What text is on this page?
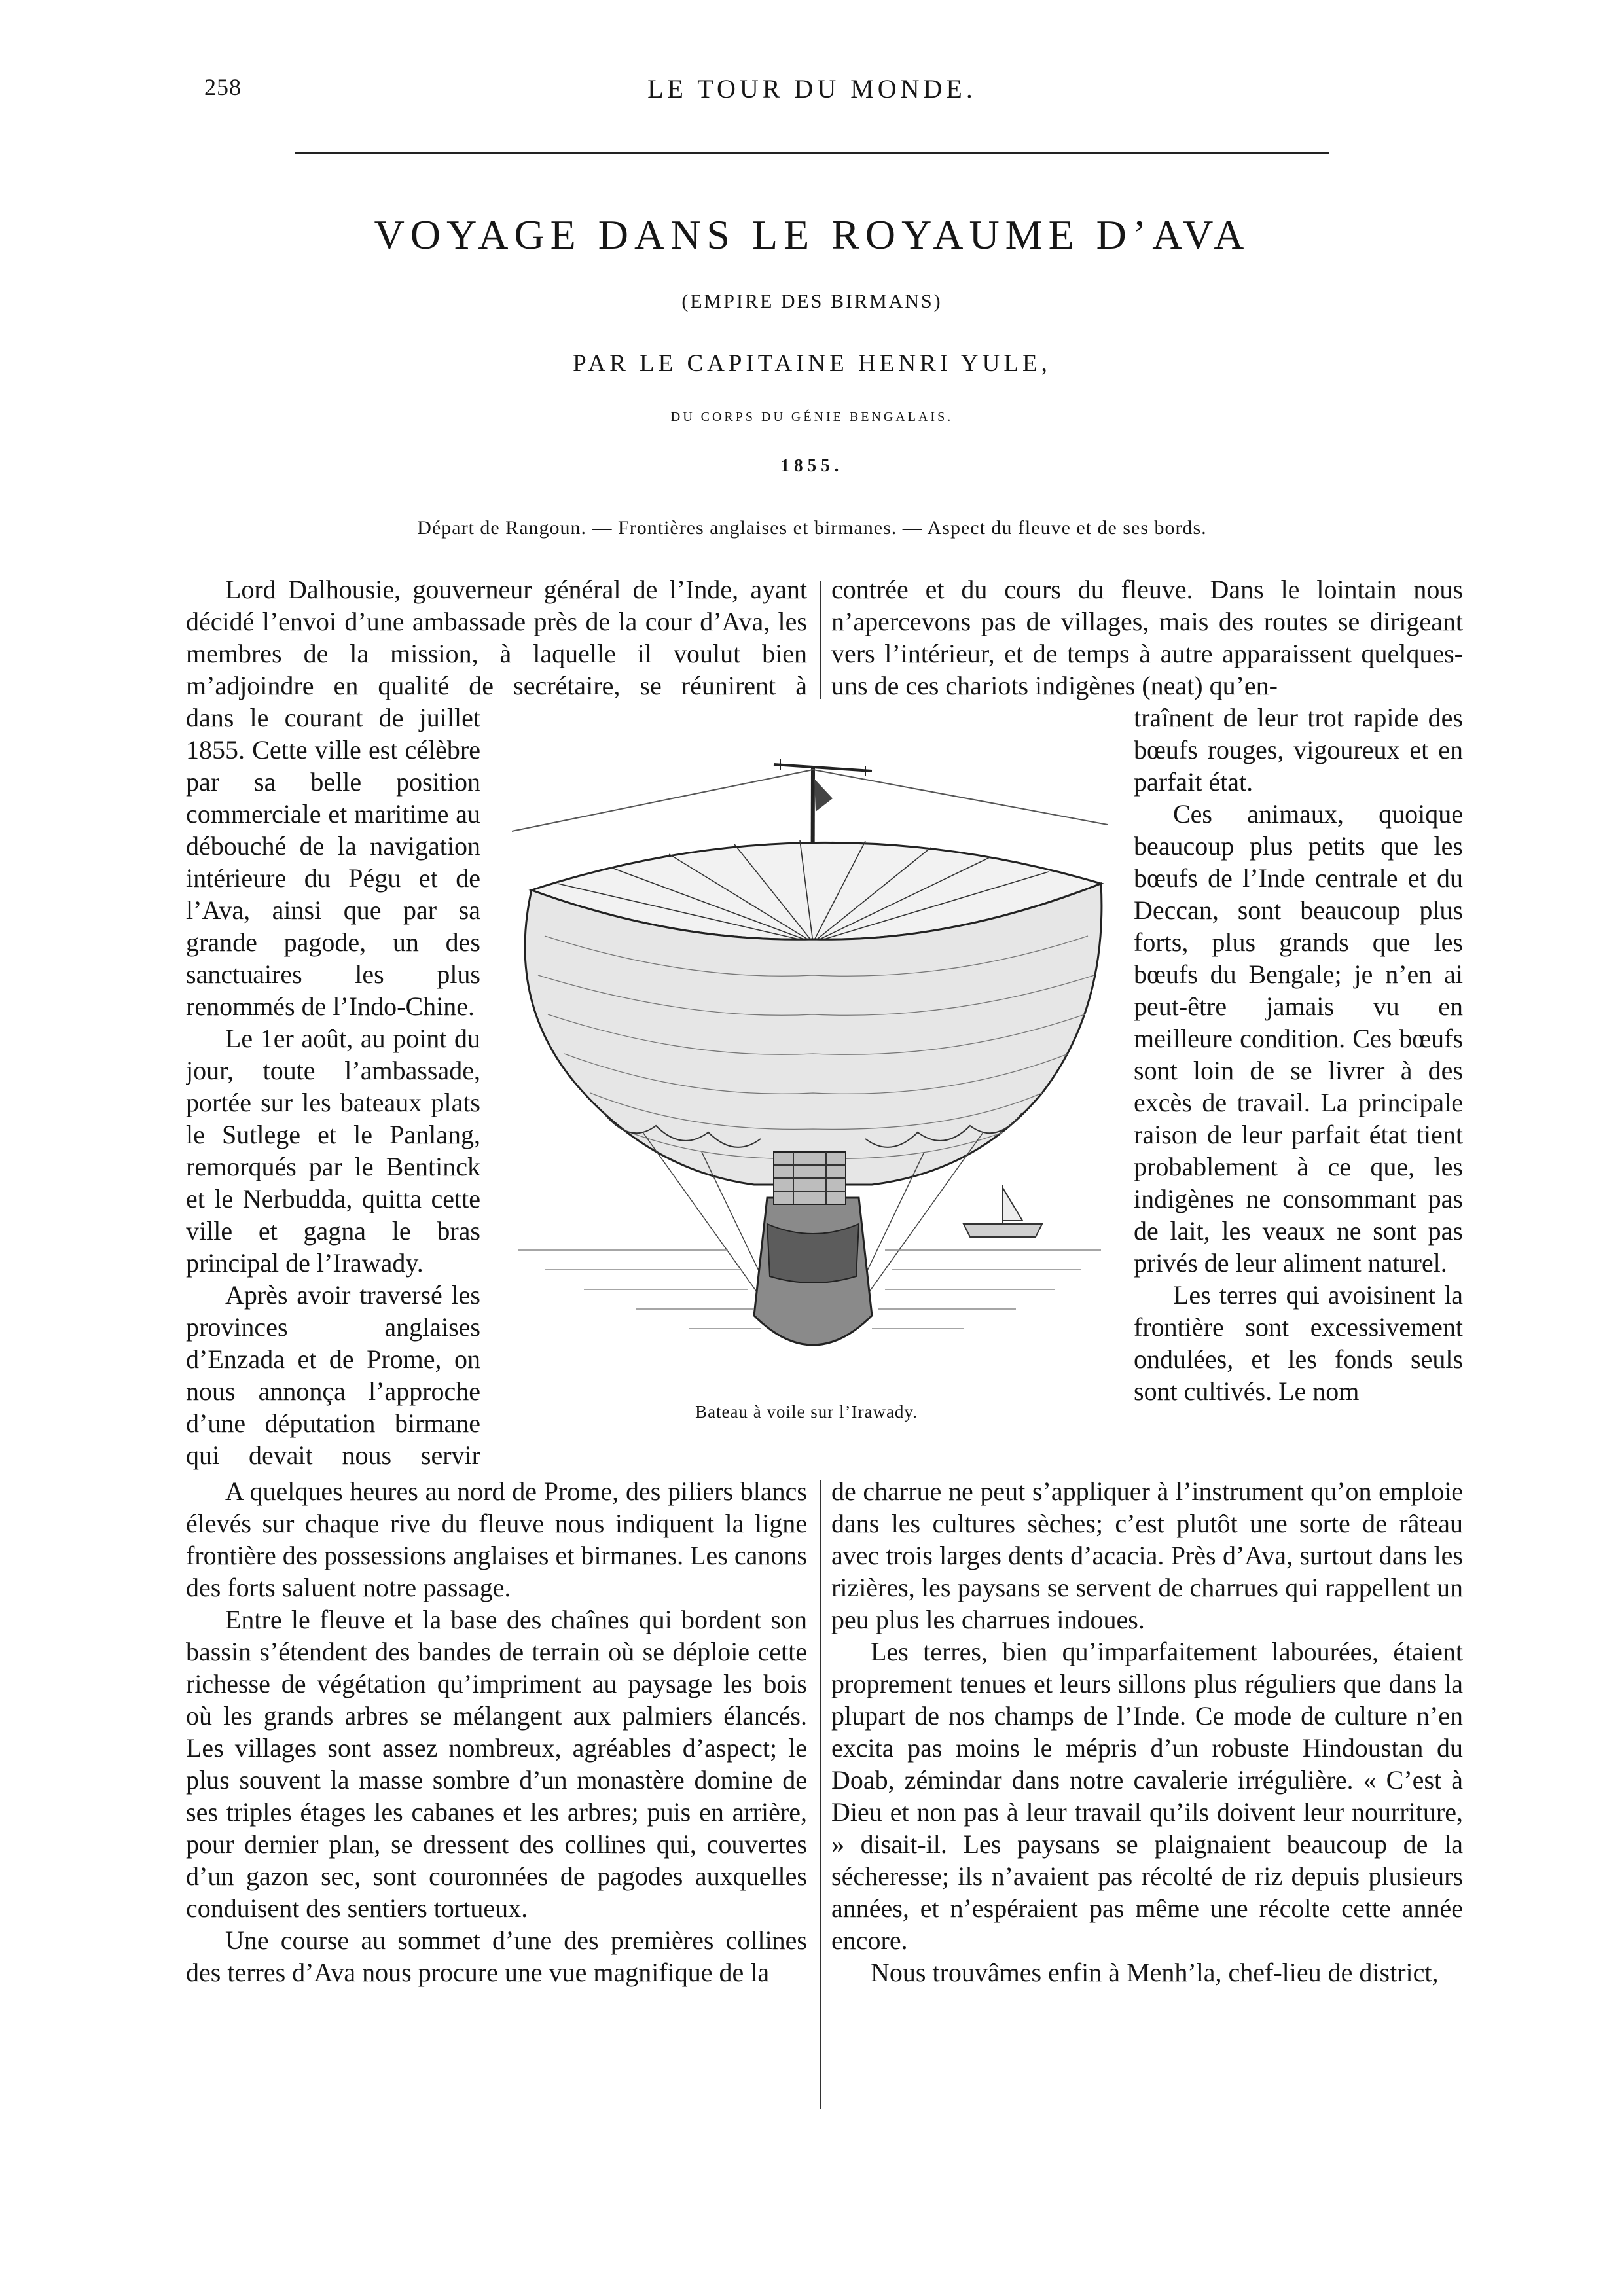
258	LE TOUR DU MONDE.
VOYAGE DANS LE ROYAUME D’AVA
(EMPIRE DES BIRMANS)
PAR LE CAPITAINE HENRI YULE,
DU CORPS DU GÉNIE BENGALAIS.
1855.
Départ de Rangoun. — Frontières anglaises et birmanes. — Aspect du fleuve et de ses bords.

Lord Dalhousie, gouverneur général de l’Inde, ayant décidé l’envoi d’une ambassade près de la cour d’Ava, les membres de la mission, à laquelle il voulut bien m’adjoindre en qualité de secrétaire, se réunirent à

dans le courant de juillet 1855. Cette ville est célèbre par sa belle position commerciale et maritime au débouché de la navigation intérieure du Pégu et de l’Ava, ainsi que par sa grande pagode, un des sanctuaires les plus renommés de l’Indo-Chine.

Le 1er août, au point du jour, toute l’ambassade, portée sur les bateaux plats le Sutlege et le Panlang, remorqués par le Bentinck et le Nerbudda, quitta cette ville et gagna le bras principal de l’Irawady.

Après avoir traversé les provinces anglaises d’Enzada et de Prome, on nous annonça l’approche d’une députation birmane qui devait nous servir

contrée et du cours du fleuve. Dans le lointain nous n’apercevons pas de villages, mais des routes se dirigeant vers l’intérieur, et de temps à autre apparaissent quelques-uns de ces chariots indigènes (neat) qu’en-

traînent de leur trot rapide des bœufs rouges, vigoureux et en parfait état.

Ces animaux, quoique beaucoup plus petits que les bœufs de l’Inde centrale et du Deccan, sont beaucoup plus forts, plus grands que les bœufs du Bengale; je n’en ai peut-être jamais vu en meilleure condition. Ces bœufs sont loin de se livrer à des excès de travail. La principale raison de leur parfait état tient probablement à ce que, les indigènes ne consommant pas de lait, les veaux ne sont pas privés de leur aliment naturel.

Les terres qui avoisinent la frontière sont excessivement ondulées, et les fonds seuls sont cultivés. Le nom

A quelques heures au nord de Prome, des piliers blancs élevés sur chaque rive du fleuve nous indiquent la ligne frontière des possessions anglaises et birmanes. Les canons des forts saluent notre passage.

Entre le fleuve et la base des chaînes qui bordent son bassin s’étendent des bandes de terrain où se déploie cette richesse de végétation qu’impriment au paysage les bois où les grands arbres se mélangent aux palmiers élancés. Les villages sont assez nombreux, agréables d’aspect; le plus souvent la masse sombre d’un monastère domine de ses triples étages les cabanes et les arbres; puis en arrière, pour dernier plan, se dressent des collines qui, couvertes d’un gazon sec, sont couronnées de pagodes auxquelles conduisent des sentiers tortueux.

Une course au sommet d’une des premières collines des terres d’Ava nous procure une vue magnifique de la

de charrue ne peut s’appliquer à l’instrument qu’on emploie dans les cultures sèches; c’est plutôt une sorte de râteau avec trois larges dents d’acacia. Près d’Ava, surtout dans les rizières, les paysans se servent de charrues qui rappellent un peu plus les charrues indoues.

Les terres, bien qu’imparfaitement labourées, étaient proprement tenues et leurs sillons plus réguliers que dans la plupart de nos champs de l’Inde. Ce mode de culture n’en excita pas moins le mépris d’un robuste Hindoustan du Doab, zémindar dans notre cavalerie irrégulière. « C’est à Dieu et non pas à leur travail qu’ils doivent leur nourriture, » disait-il. Les paysans se plaignaient beaucoup de la sécheresse; ils n’avaient pas récolté de riz depuis plusieurs années, et n’espéraient pas même une récolte cette année encore.

Nous trouvâmes enfin à Menh’la, chef-lieu de district,

Bateau à voile sur l’Irawady.
